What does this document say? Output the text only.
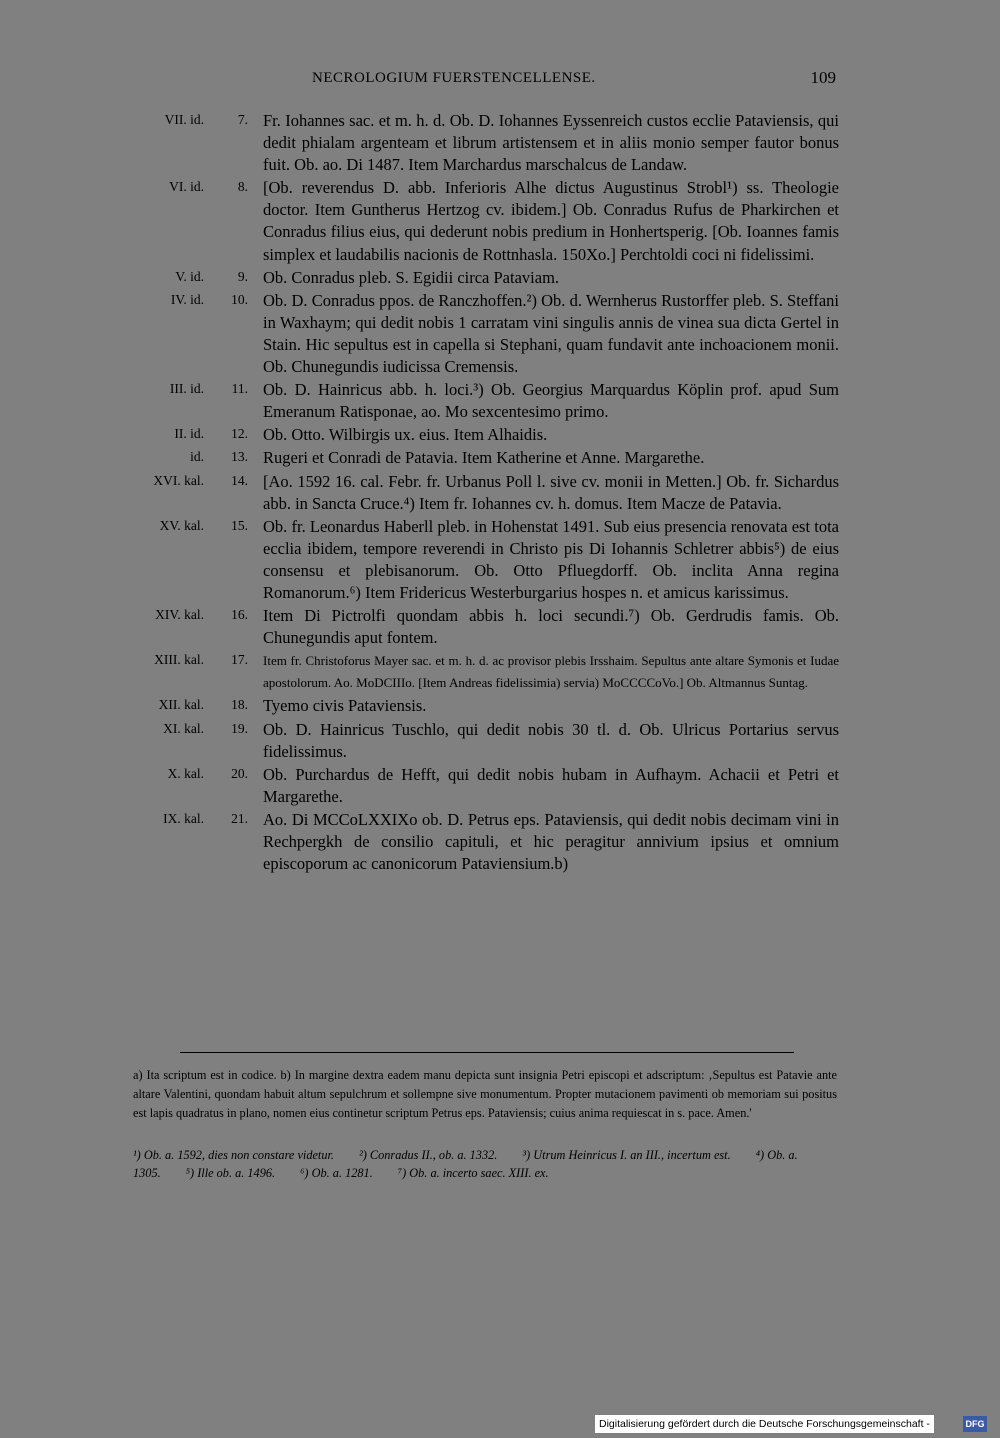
NECROLOGIUM FUERSTENCELLENSE.	109
VII. id.	7. Fr. Iohannes sac. et m. h. d. Ob. D. Iohannes Eyssenreich custos ecclie Pataviensis, qui dedit phialam argenteam et librum artistensem et in aliis monio semper fautor bonus fuit. Ob. ao. Di 1487. Item Marchardus marschalcus de Landaw.
VI. id.	8. [Ob. reverendus D. abb. Inferioris Alhe dictus Augustinus Strobl¹) ss. Theologie doctor. Item Guntherus Hertzog cv. ibidem.] Ob. Conradus Rufus de Pharkirchen et Conradus filius eius, qui dederunt nobis predium in Honhertsperig. [Ob. Ioannes famis simplex et laudabilis nacionis de Rottnhasla. 150Xo.] Perchtoldi coci ni fidelissimi.
V. id.	9. Ob. Conradus pleb. S. Egidii circa Pataviam.
IV. id.	10. Ob. D. Conradus ppos. de Ranczhoffen.²) Ob. d. Wernherus Rustorffer pleb. S. Steffani in Waxhaym; qui dedit nobis 1 carratam vini singulis annis de vinea sua dicta Gertel in Stain. Hic sepultus est in capella si Stephani, quam fundavit ante inchoacionem monii. Ob. Chunegundis iudicissa Cremensis.
III. id.	11. Ob. D. Hainricus abb. h. loci.³) Ob. Georgius Marquardus Köplin prof. apud Sum Emeranum Ratisponae, ao. Mo sexcentesimo primo.
II. id.	12. Ob. Otto. Wilbirgis ux. eius. Item Alhaidis.
id.	13. Rugeri et Conradi de Patavia. Item Katherine et Anne. Margarethe.
XVI. kal.	14. [Ao. 1592 16. cal. Febr. fr. Urbanus Poll l. sive cv. monii in Metten.] Ob. fr. Sichardus abb. in Sancta Cruce.⁴) Item fr. Iohannes cv. h. domus. Item Macze de Patavia.
XV. kal.	15. Ob. fr. Leonardus Haberll pleb. in Hohenstat 1491. Sub eius presencia renovata est tota ecclia ibidem, tempore reverendi in Christo pis Di Iohannis Schletrer abbis⁵) de eius consensu et plebisanorum. Ob. Otto Pfluegdorff. Ob. inclita Anna regina Romanorum.⁶) Item Fridericus Westerburgarius hospes n. et amicus karissimus.
XIV. kal.	16. Item Di Pictrolfi quondam abbis h. loci secundi.⁷) Ob. Gerdrudis famis. Ob. Chunegundis aput fontem.
XIII. kal.	17. Item fr. Christoforus Mayer sac. et m. h. d. ac provisor plebis Irsshaim. Sepultus ante altare Symonis et Iudae apostolorum. Ao. MoDCIIIo. [Item Andreas fidelissimia) servia) MoCCCCoVo.] Ob. Altmannus Suntag.
XII. kal.	18. Tyemo civis Pataviensis.
XI. kal.	19. Ob. D. Hainricus Tuschlo, qui dedit nobis 30 tl. d. Ob. Ulricus Portarius servus fidelissimus.
X. kal.	20. Ob. Purchardus de Hefft, qui dedit nobis hubam in Aufhaym. Achacii et Petri et Margarethe.
IX. kal.	21. Ao. Di MCCoLXXIXo ob. D. Petrus eps. Pataviensis, qui dedit nobis decimam vini in Rechpergkh de consilio capituli, et hic peragitur annivium ipsius et omnium episcoporum ac canonicorum Pataviensium.b)
a) Ita scriptum est in codice. b) In margine dextra eadem manu depicta sunt insignia Petri episcopi et adscriptum: ‚Sepultus est Patavie ante altare Valentini, quondam habuit altum sepulchrum et sollempne sive monumentum. Propter mutacionem pavimenti ob memoriam sui positus est lapis quadratus in plano, nomen eius continetur scriptum Petrus eps. Pataviensis; cuius anima requiescat in s. pace. Amen.'
¹) Ob. a. 1592, dies non constare videtur. ²) Conradus II., ob. a. 1332. ³) Utrum Heinricus I. an III., incertum est. ⁴) Ob. a. 1305. ⁵) Ille ob. a. 1496. ⁶) Ob. a. 1281. ⁷) Ob. a. incerto saec. XIII. ex.
Digitalisierung gefördert durch die Deutsche Forschungsgemeinschaft -	DFG
